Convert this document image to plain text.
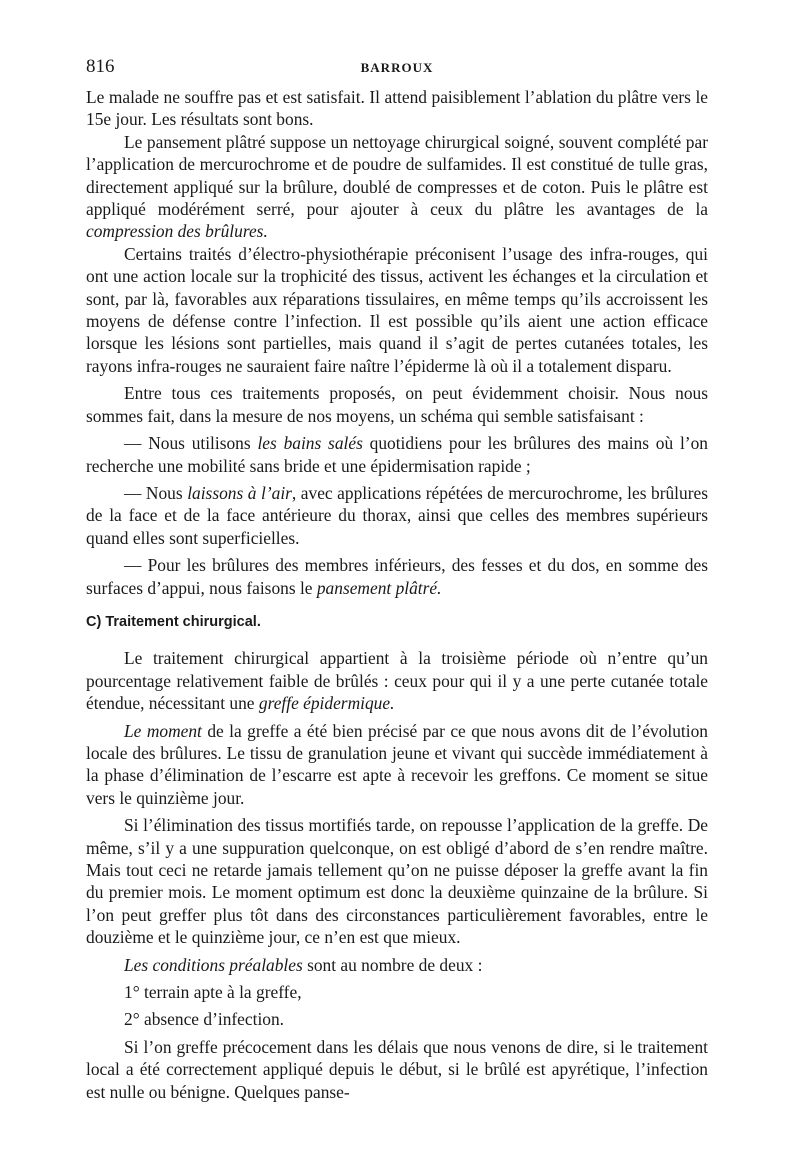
816	BARROUX

Le malade ne souffre pas et est satisfait. Il attend paisiblement l’ablation du plâtre vers le 15e jour. Les résultats sont bons.

Le pansement plâtré suppose un nettoyage chirurgical soigné, souvent complété par l’application de mercurochrome et de poudre de sulfamides. Il est constitué de tulle gras, directement appliqué sur la brûlure, doublé de compresses et de coton. Puis le plâtre est appliqué modérément serré, pour ajouter à ceux du plâtre les avantages de la compression des brûlures.

Certains traités d’électro-physiothérapie préconisent l’usage des infra-rouges, qui ont une action locale sur la trophicité des tissus, activent les échanges et la circulation et sont, par là, favorables aux réparations tissulaires, en même temps qu’ils accroissent les moyens de défense contre l’infection. Il est possible qu’ils aient une action efficace lorsque les lésions sont partielles, mais quand il s’agit de pertes cutanées totales, les rayons infra-rouges ne sauraient faire naître l’épiderme là où il a totalement disparu.

Entre tous ces traitements proposés, on peut évidemment choisir. Nous nous sommes fait, dans la mesure de nos moyens, un schéma qui semble satisfaisant :

— Nous utilisons les bains salés quotidiens pour les brûlures des mains où l’on recherche une mobilité sans bride et une épidermisation rapide ;

— Nous laissons à l’air, avec applications répétées de mercurochrome, les brûlures de la face et de la face antérieure du thorax, ainsi que celles des membres supérieurs quand elles sont superficielles.

— Pour les brûlures des membres inférieurs, des fesses et du dos, en somme des surfaces d’appui, nous faisons le pansement plâtré.

C) Traitement chirurgical.

Le traitement chirurgical appartient à la troisième période où n’entre qu’un pourcentage relativement faible de brûlés : ceux pour qui il y a une perte cutanée totale étendue, nécessitant une greffe épidermique.

Le moment de la greffe a été bien précisé par ce que nous avons dit de l’évolution locale des brûlures. Le tissu de granulation jeune et vivant qui succède immédiatement à la phase d’élimination de l’escarre est apte à recevoir les greffons. Ce moment se situe vers le quinzième jour.

Si l’élimination des tissus mortifiés tarde, on repousse l’application de la greffe. De même, s’il y a une suppuration quelconque, on est obligé d’abord de s’en rendre maître. Mais tout ceci ne retarde jamais tellement qu’on ne puisse déposer la greffe avant la fin du premier mois. Le moment optimum est donc la deuxième quinzaine de la brûlure. Si l’on peut greffer plus tôt dans des circonstances particulièrement favorables, entre le douzième et le quinzième jour, ce n’en est que mieux.

Les conditions préalables sont au nombre de deux :

1° terrain apte à la greffe,

2° absence d’infection.

Si l’on greffe précocement dans les délais que nous venons de dire, si le traitement local a été correctement appliqué depuis le début, si le brûlé est apyrétique, l’infection est nulle ou bénigne. Quelques panse-
